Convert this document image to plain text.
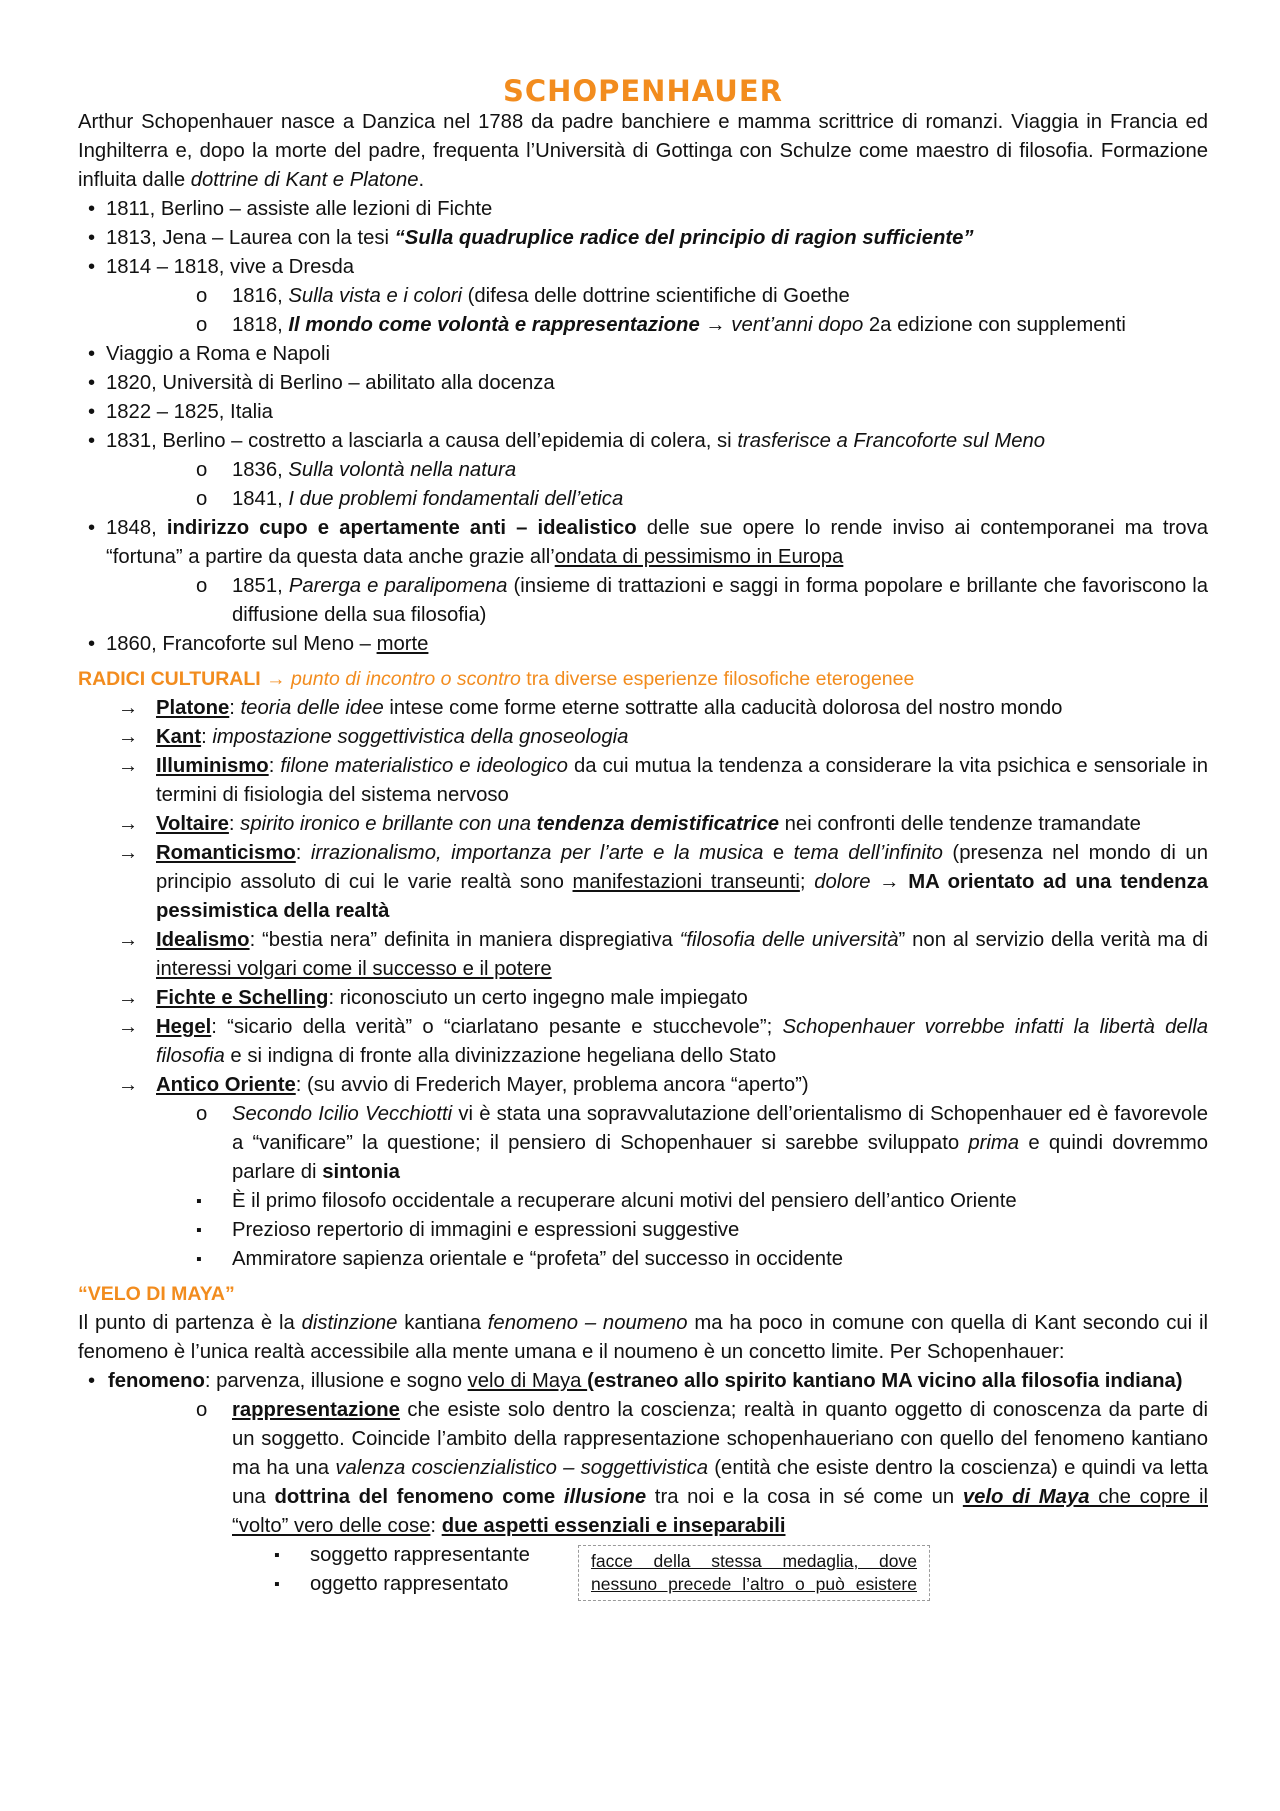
SCHOPENHAUER

Arthur Schopenhauer nasce a Danzica nel 1788 da padre banchiere e mamma scrittrice di romanzi. Viaggia in Francia ed Inghilterra e, dopo la morte del padre, frequenta l’Università di Gottinga con Schulze come maestro di filosofia. Formazione influita dalle dottrine di Kant e Platone.

• 1811, Berlino – assiste alle lezioni di Fichte
• 1813, Jena – Laurea con la tesi “Sulla quadruplice radice del principio di ragion sufficiente”
• 1814 – 1818, vive a Dresda
o 1816, Sulla vista e i colori (difesa delle dottrine scientifiche di Goethe
o 1818, Il mondo come volontà e rappresentazione → vent’anni dopo 2a edizione con supplementi
• Viaggio a Roma e Napoli
• 1820, Università di Berlino – abilitato alla docenza
• 1822 – 1825, Italia
• 1831, Berlino – costretto a lasciarla a causa dell’epidemia di colera, si trasferisce a Francoforte sul Meno
o 1836, Sulla volontà nella natura
o 1841, I due problemi fondamentali dell’etica
• 1848, indirizzo cupo e apertamente anti – idealistico delle sue opere lo rende inviso ai contemporanei ma trova “fortuna” a partire da questa data anche grazie all’ondata di pessimismo in Europa
o 1851, Parerga e paralipomena (insieme di trattazioni e saggi in forma popolare e brillante che favoriscono la diffusione della sua filosofia)
• 1860, Francoforte sul Meno – morte
RADICI CULTURALI → punto di incontro o scontro tra diverse esperienze filosofiche eterogenee
→ Platone: teoria delle idee intese come forme eterne sottratte alla caducità dolorosa del nostro mondo
→ Kant: impostazione soggettivistica della gnoseologia
→ Illuminismo: filone materialistico e ideologico da cui mutua la tendenza a considerare la vita psichica e sensoriale in termini di fisiologia del sistema nervoso
→ Voltaire: spirito ironico e brillante con una tendenza demistificatrice nei confronti delle tendenze tramandate
→ Romanticismo: irrazionalismo, importanza per l’arte e la musica e tema dell’infinito (presenza nel mondo di un principio assoluto di cui le varie realtà sono manifestazioni transeunti; dolore → MA orientato ad una tendenza pessimistica della realtà
→ Idealismo: “bestia nera” definita in maniera dispregiativa “filosofia delle università” non al servizio della verità ma di interessi volgari come il successo e il potere
→ Fichte e Schelling: riconosciuto un certo ingegno male impiegato
→ Hegel: “sicario della verità” o “ciarlatano pesante e stucchevole”; Schopenhauer vorrebbe infatti la libertà della filosofia e si indigna di fronte alla divinizzazione hegeliana dello Stato
→ Antico Oriente: (su avvio di Frederich Mayer, problema ancora “aperto”)
o Secondo Icilio Vecchiotti vi è stata una sopravvalutazione dell’orientalismo di Schopenhauer ed è favorevole a “vanificare” la questione; il pensiero di Schopenhauer si sarebbe sviluppato prima e quindi dovremmo parlare di sintonia
▪ È il primo filosofo occidentale a recuperare alcuni motivi del pensiero dell’antico Oriente
▪ Prezioso repertorio di immagini e espressioni suggestive
▪ Ammiratore sapienza orientale e “profeta” del successo in occidente
“VELO DI MAYA”

Il punto di partenza è la distinzione kantiana fenomeno – noumeno ma ha poco in comune con quella di Kant secondo cui il fenomeno è l’unica realtà accessibile alla mente umana e il noumeno è un concetto limite. Per Schopenhauer:

• fenomeno: parvenza, illusione e sogno velo di Maya (estraneo allo spirito kantiano MA vicino alla filosofia indiana)
o rappresentazione che esiste solo dentro la coscienza; realtà in quanto oggetto di conoscenza da parte di un soggetto. Coincide l’ambito della rappresentazione schopenhaueriano con quello del fenomeno kantiano ma ha una valenza coscienzialistico – soggettivistica (entità che esiste dentro la coscienza) e quindi va letta una dottrina del fenomeno come illusione tra noi e la cosa in sé come un velo di Maya che copre il “volto” vero delle cose: due aspetti essenziali e inseparabili
▪ soggetto rappresentante
▪ oggetto rappresentato
facce della stessa medaglia, dove nessuno precede l’altro o può esistere
